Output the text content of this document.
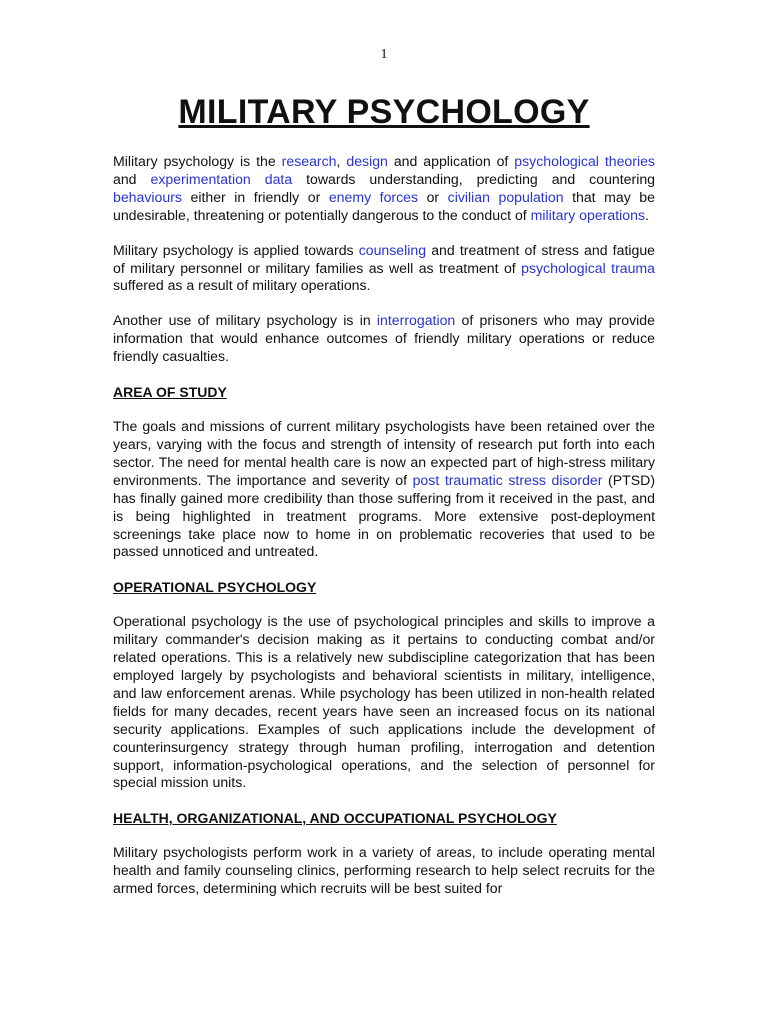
1
MILITARY PSYCHOLOGY

Military psychology is the research, design and application of psychological theories and experimentation data towards understanding, predicting and countering behaviours either in friendly or enemy forces or civilian population that may be undesirable, threatening or potentially dangerous to the conduct of military operations.

Military psychology is applied towards counseling and treatment of stress and fatigue of military personnel or military families as well as treatment of psychological trauma suffered as a result of military operations.

Another use of military psychology is in interrogation of prisoners who may provide information that would enhance outcomes of friendly military operations or reduce friendly casualties.

AREA OF STUDY

The goals and missions of current military psychologists have been retained over the years, varying with the focus and strength of intensity of research put forth into each sector. The need for mental health care is now an expected part of high-stress military environments. The importance and severity of post traumatic stress disorder (PTSD) has finally gained more credibility than those suffering from it received in the past, and is being highlighted in treatment programs. More extensive post-deployment screenings take place now to home in on problematic recoveries that used to be passed unnoticed and untreated.

OPERATIONAL PSYCHOLOGY

Operational psychology is the use of psychological principles and skills to improve a military commander's decision making as it pertains to conducting combat and/or related operations. This is a relatively new subdiscipline categorization that has been employed largely by psychologists and behavioral scientists in military, intelligence, and law enforcement arenas. While psychology has been utilized in non-health related fields for many decades, recent years have seen an increased focus on its national security applications. Examples of such applications include the development of counterinsurgency strategy through human profiling, interrogation and detention support, information-psychological operations, and the selection of personnel for special mission units.

HEALTH, ORGANIZATIONAL, AND OCCUPATIONAL PSYCHOLOGY

Military psychologists perform work in a variety of areas, to include operating mental health and family counseling clinics, performing research to help select recruits for the armed forces, determining which recruits will be best suited for
